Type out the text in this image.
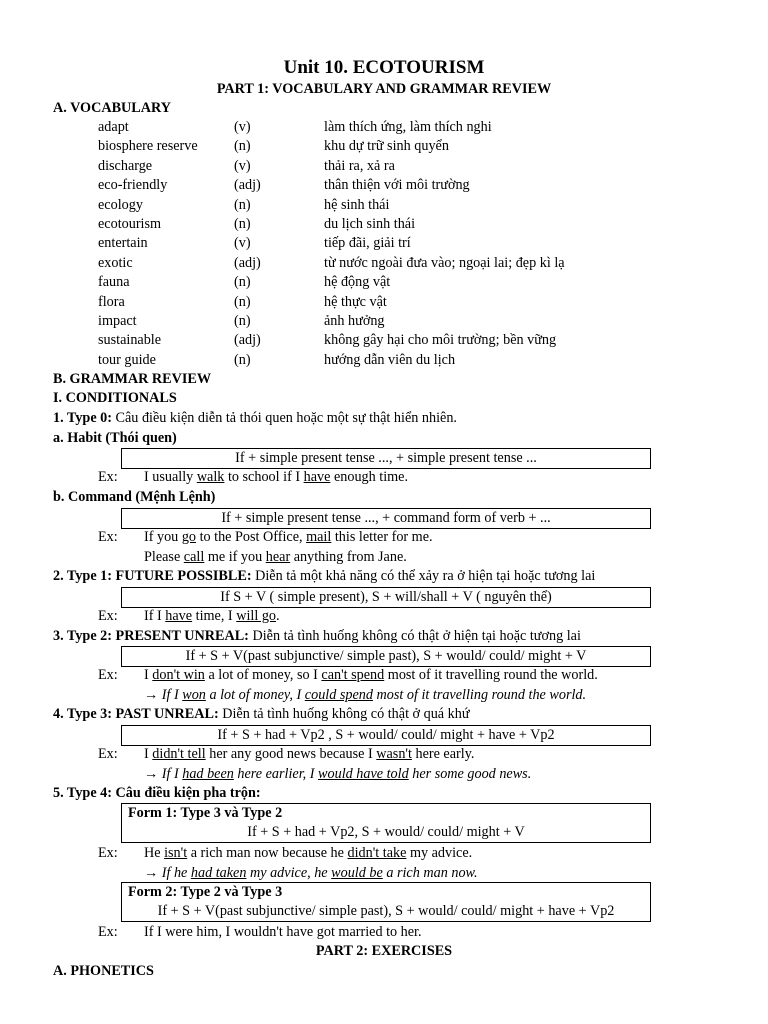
Unit 10. ECOTOURISM
PART 1: VOCABULARY AND GRAMMAR REVIEW
A. VOCABULARY
adapt	(v)	làm thích ứng, làm thích nghi
biosphere reserve	(n)	khu dự trữ sinh quyển
discharge	(v)	thải ra, xả ra
eco-friendly	(adj)	thân thiện với môi trường
ecology	(n)	hệ sinh thái
ecotourism	(n)	du lịch sinh thái
entertain	(v)	tiếp đãi, giải trí
exotic	(adj)	từ nước ngoài đưa vào; ngoại lai; đẹp kì lạ
fauna	(n)	hệ động vật
flora	(n)	hệ thực vật
impact	(n)	ảnh hưởng
sustainable	(adj)	không gây hại cho môi trường; bền vững
tour guide	(n)	hướng dẫn viên du lịch
B. GRAMMAR REVIEW
I. CONDITIONALS
1. Type 0: Câu điều kiện diễn tả thói quen hoặc một sự thật hiển nhiên.
a. Habit (Thói quen)
If + simple present tense ..., + simple present tense ...
Ex: I usually walk to school if I have enough time.
b. Command (Mệnh Lệnh)
If + simple present tense ..., + command form of verb + ...
Ex: If you go to the Post Office, mail this letter for me.
Please call me if you hear anything from Jane.
2. Type 1: FUTURE POSSIBLE: Diễn tả một khả năng có thể xảy ra ở hiện tại hoặc tương lai
If S + V ( simple present), S + will/shall + V ( nguyên thể)
Ex: If I have time, I will go.
3. Type 2: PRESENT UNREAL: Diễn tả tình huống không có thật ở hiện tại hoặc tương lai
If + S + V(past subjunctive/ simple past), S + would/ could/ might + V
Ex: I don't win a lot of money, so I can't spend most of it travelling round the world.
→ If I won a lot of money, I could spend most of it travelling round the world.
4. Type 3: PAST UNREAL: Diễn tả tình huống không có thật ở quá khứ
If + S + had + Vp2 , S + would/ could/ might + have + Vp2
Ex: I didn't tell her any good news because I wasn't here early.
→ If I had been here earlier, I would have told her some good news.
5. Type 4: Câu điều kiện pha trộn:
Form 1: Type 3 và Type 2
If + S + had + Vp2, S + would/ could/ might + V
Ex: He isn't a rich man now because he didn't take my advice.
→ If he had taken my advice, he would be a rich man now.
Form 2: Type 2 và Type 3
If + S + V(past subjunctive/ simple past), S + would/ could/ might + have + Vp2
Ex: If I were him, I wouldn't have got married to her.
PART 2: EXERCISES
A. PHONETICS
